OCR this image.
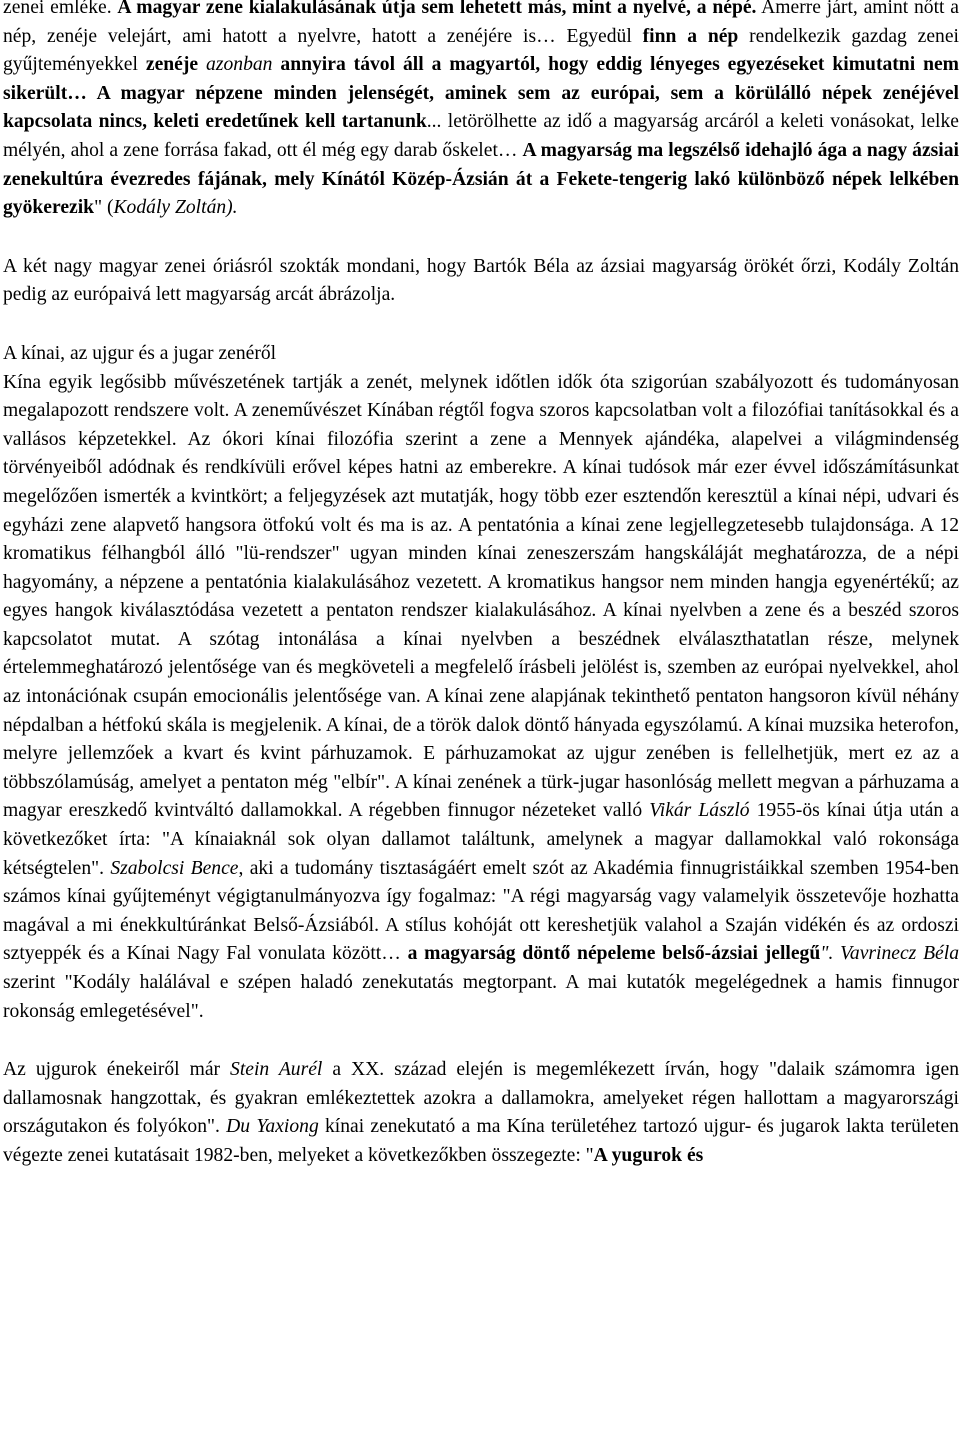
zenei emléke. A magyar zene kialakulásának útja sem lehetett más, mint a nyelvé, a népé. Amerre járt, amint nőtt a nép, zenéje velejárt, ami hatott a nyelvre, hatott a zenéjére is… Egyedül finn a nép rendelkezik gazdag zenei gyűjteményekkel zenéje azonban annyira távol áll a magyartól, hogy eddig lényeges egyezéseket kimutatni nem sikerült… A magyar népzene minden jelenségét, aminek sem az európai, sem a körülálló népek zenéjével kapcsolata nincs, keleti eredetűnek kell tartanunk... letörölhette az idő a magyarság arcáról a keleti vonásokat, lelke mélyén, ahol a zene forrása fakad, ott él még egy darab őskelet… A magyarság ma legszélső idehajló ága a nagy ázsiai zenekultúra évezredes fájának, mely Kínától Közép-Ázsián át a Fekete-tengerig lakó különböző népek lelkében gyökerezik" (Kodály Zoltán).

A két nagy magyar zenei óriásról szokták mondani, hogy Bartók Béla az ázsiai magyarság örökét őrzi, Kodály Zoltán pedig az európaivá lett magyarság arcát ábrázolja.

A kínai, az ujgur és a jugar zenéről

Kína egyik legősibb művészetének tartják a zenét, melynek időtlen idők óta szigorúan szabályozott és tudományosan megalapozott rendszere volt. A zeneművészet Kínában régtől fogva szoros kapcsolatban volt a filozófiai tanításokkal és a vallásos képzetekkel. Az ókori kínai filozófia szerint a zene a Mennyek ajándéka, alapelvei a világmindenség törvényeiből adódnak és rendkívüli erővel képes hatni az emberekre. A kínai tudósok már ezer évvel időszámításunkat megelőzően ismerték a kvintkört; a feljegyzések azt mutatják, hogy több ezer esztendőn keresztül a kínai népi, udvari és egyházi zene alapvető hangsora ötfokú volt és ma is az. A pentatónia a kínai zene legjellegzetesebb tulajdonsága. A 12 kromatikus félhangból álló "lü-rendszer" ugyan minden kínai zeneszerszám hangskáláját meghatározza, de a népi hagyomány, a népzene a pentatónia kialakulásához vezetett. A kromatikus hangsor nem minden hangja egyenértékű; az egyes hangok kiválasztódása vezetett a pentaton rendszer kialakulásához. A kínai nyelvben a zene és a beszéd szoros kapcsolatot mutat. A szótag intonálása a kínai nyelvben a beszédnek elválaszthatatlan része, melynek értelemmeghatározó jelentősége van és megköveteli a megfelelő írásbeli jelölést is, szemben az európai nyelvekkel, ahol az intonációnak csupán emocionális jelentősége van. A kínai zene alapjának tekinthető pentaton hangsoron kívül néhány népdalban a hétfokú skála is megjelenik. A kínai, de a török dalok döntő hányada egyszólamú. A kínai muzsika heterofon, melyre jellemzőek a kvart és kvint párhuzamok. E párhuzamokat az ujgur zenében is fellelhetjük, mert ez az a többszólamúság, amelyet a pentaton még "elbír". A kínai zenének a türk-jugar hasonlóság mellett megvan a párhuzama a magyar ereszkedő kvintváltó dallamokkal. A régebben finnugor nézeteket valló Vikár László 1955-ös kínai útja után a következőket írta: "A kínaiaknál sok olyan dallamot találtunk, amelynek a magyar dallamokkal való rokonsága kétségtelen". Szabolcsi Bence, aki a tudomány tisztaságáért emelt szót az Akadémia finnugristáikkal szemben 1954-ben számos kínai gyűjteményt végigtanulmányozva így fogalmaz: "A régi magyarság vagy valamelyik összetevője hozhatta magával a mi énekkultúránkat Belső-Ázsiából. A stílus kohóját ott kereshetjük valahol a Szaján vidékén és az ordoszi sztyeppék és a Kínai Nagy Fal vonulata között… a magyarság döntő népeleme belső-ázsiai jellegű". Vavrinecz Béla szerint "Kodály halálával e szépen haladó zenekutatás megtorpant. A mai kutatók megelégednek a hamis finnugor rokonság emlegetésével".

Az ujgurok énekeiről már Stein Aurél a XX. század elején is megemlékezett írván, hogy "dalaik számomra igen dallamosnak hangzottak, és gyakran emlékeztettek azokra a dallamokra, amelyeket régen hallottam a magyarországi országutakon és folyókon". Du Yaxiong kínai zenekutató a ma Kína területéhez tartozó ujgur- és jugarok lakta területen végezte zenei kutatásait 1982-ben, melyeket a következőkben összegezte: "A yugurok és
